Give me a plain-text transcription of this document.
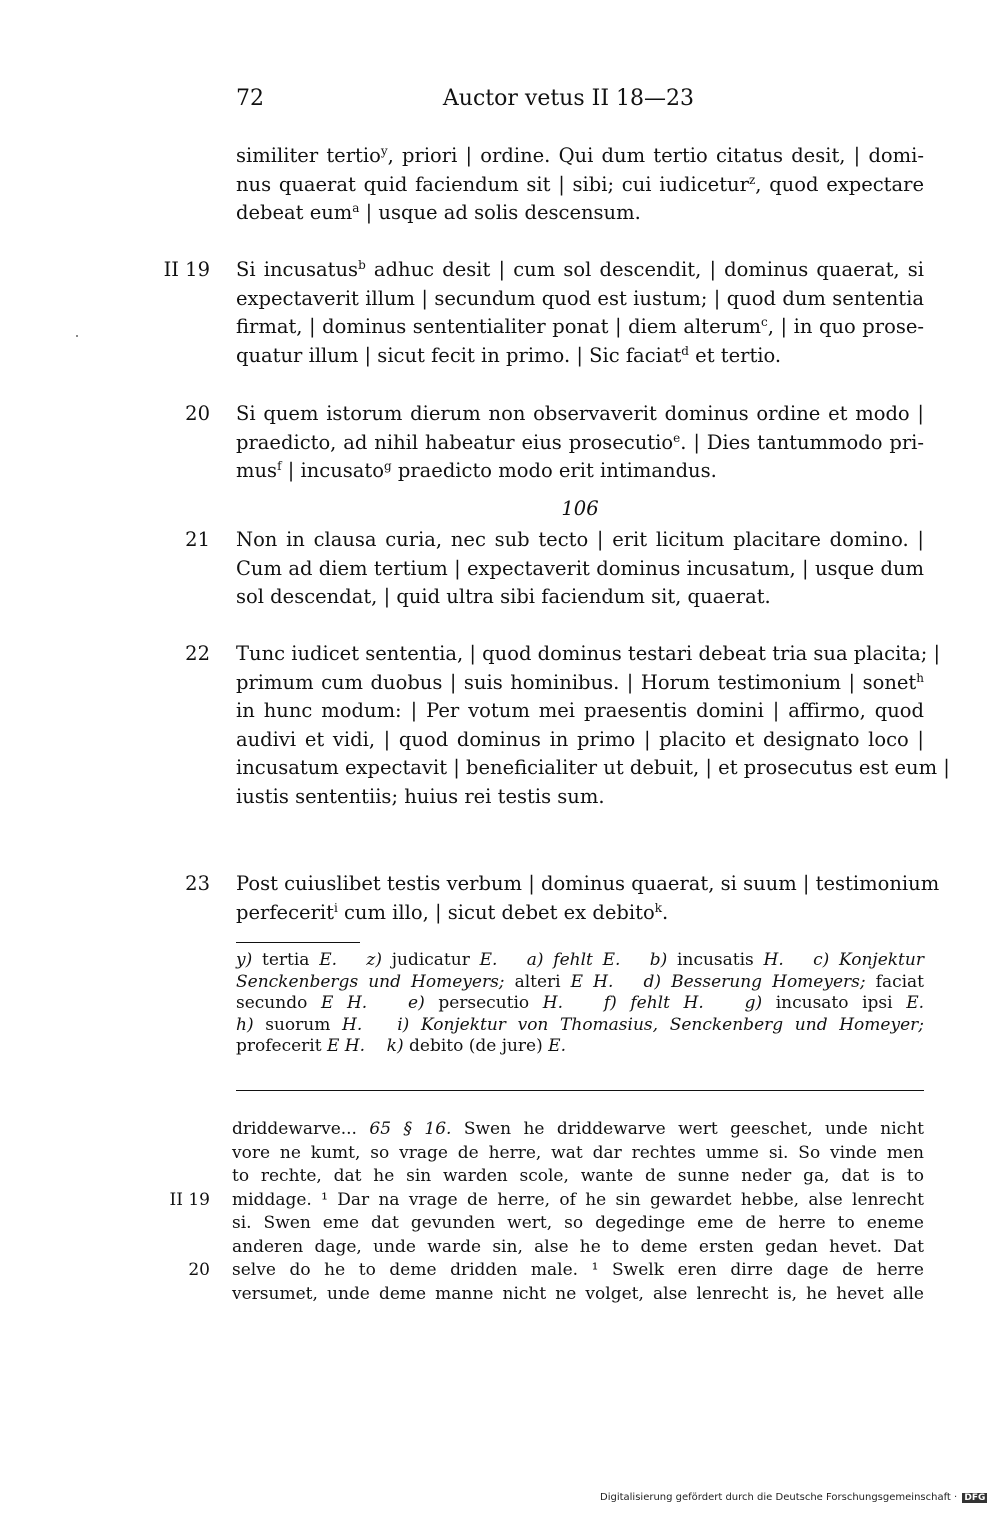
72	Auctor vetus II 18—23
similiter tertio$^y$, priori | ordine. Qui dum tertio citatus desit, | domi-
nus quaerat quid faciendum sit | sibi; cui iudicetur$^z$, quod expectare
debeat eum$^a$ | usque ad solis descensum.
II 19 Si incusatus$^b$ adhuc desit | cum sol descendit, | dominus quaerat, si
expectaverit illum | secundum quod est iustum; | quod dum sententia
firmat, | dominus sententialiter ponat | diem alterum$^c$, | in quo prose-
quatur illum | sicut fecit in primo. | Sic faciat$^d$ et tertio.
20 Si quem istorum dierum non observaverit dominus ordine et modo |
praedicto, ad nihil habeatur eius prosecutio$^e$. | Dies tantummodo pri-
mus$^f$ | incusato$^g$ praedicto modo erit intimandus.
106
21 Non in clausa curia, nec sub tecto | erit licitum placitare domino. |
Cum ad diem tertium | expectaverit dominus incusatum, | usque dum
sol descendat, | quid ultra sibi faciendum sit, quaerat.
22 Tunc iudicet sententia, | quod dominus testari debeat tria sua placita; |
primum cum duobus | suis hominibus. | Horum testimonium | sonet$^h$
in hunc modum: | Per votum mei praesentis domini | affirmo, quod
audivi et vidi, | quod dominus in primo | placito et designato loco |
incusatum expectavit | beneficialiter ut debuit, | et prosecutus est eum |
iustis sententiis; huius rei testis sum.
23 Post cuiuslibet testis verbum | dominus quaerat, si suum | testimonium
perfecerit$^i$ cum illo, | sicut debet ex debito$^k$.
y) tertia E. z) judicatur E. a) fehlt E. b) incusatis H. c) Konjektur
Senckenbergs und Homeyers; alteri E H. d) Besserung Homeyers; faciat
secundo E H. e) persecutio H. f) fehlt H. g) incusato ipsi E.
h) suorum H. i) Konjektur von Thomasius, Senckenberg und Homeyer;
profecerit E H. k) debito (de jure) E.
II 19
20
driddewarve... 65 § 16. Swen he driddewarve wert geeschet, unde nicht
vore ne kumt, so vrage de herre, wat dar rechtes umme si. So vinde men
to rechte, dat he sin warden scole, wante de sunne neder ga, dat is to
middage. ¹ Dar na vrage de herre, of he sin gewardet hebbe, alse lenrecht
si. Swen eme dat gevunden wert, so degedinge eme de herre to eneme
anderen dage, unde warde sin, alse he to deme ersten gedan hevet. Dat
selve do he to deme dridden male. ¹ Swelk eren dirre dage de herre
versumet, unde deme manne nicht ne volget, alse lenrecht is, he hevet alle
Digitalisierung gefördert durch die Deutsche Forschungsgemeinschaft · DFG
